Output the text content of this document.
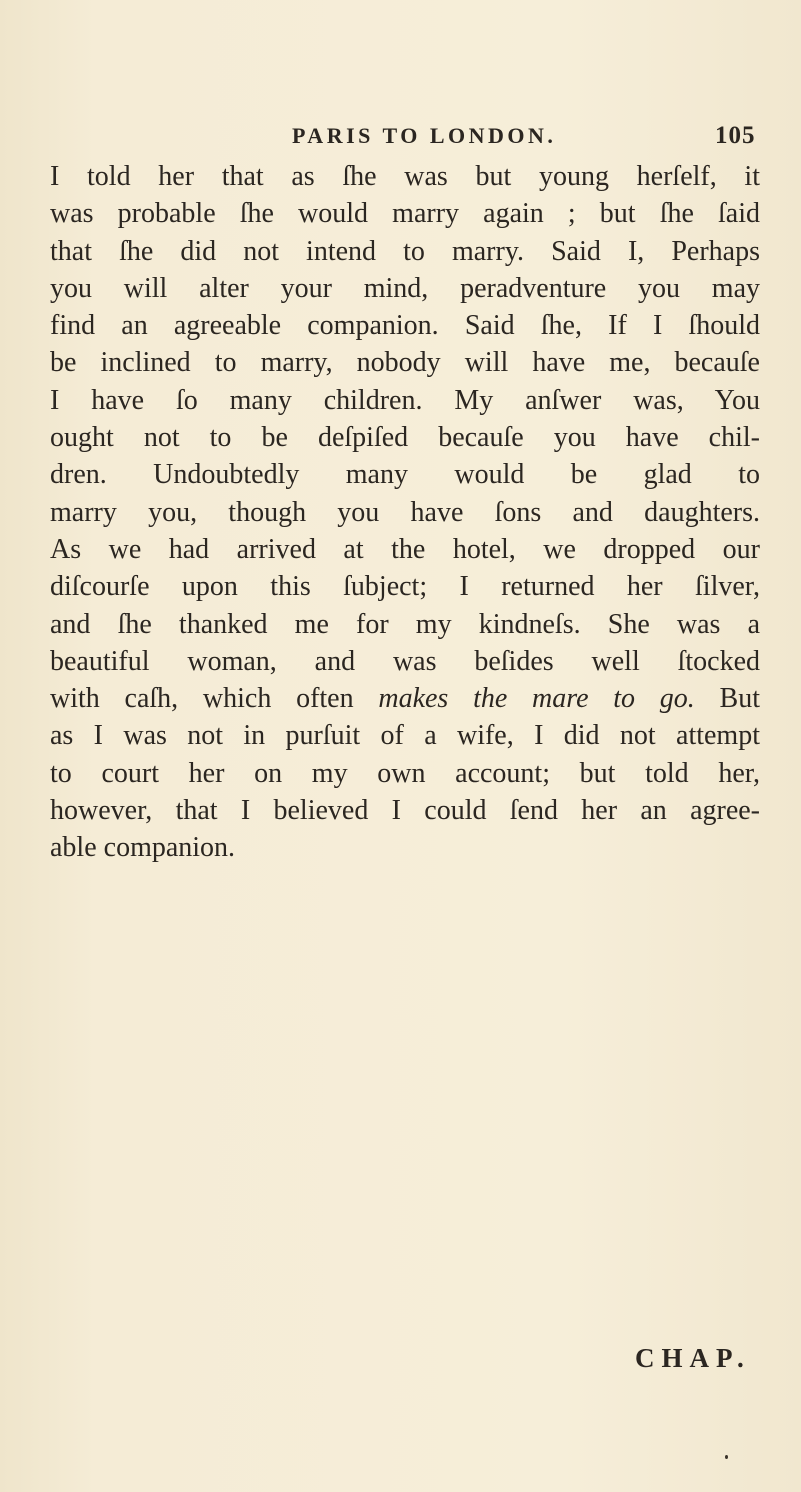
PARIS TO LONDON.	105
I told her that as ſhe was but young herſelf, it
was probable ſhe would marry again ; but ſhe ſaid
that ſhe did not intend to marry. Said I, Perhaps
you will alter your mind, peradventure you may
find an agreeable companion. Said ſhe, If I ſhould
be inclined to marry, nobody will have me, becauſe
I have ſo many children. My anſwer was, You
ought not to be deſpiſed becauſe you have chil-
dren. Undoubtedly many would be glad to
marry you, though you have ſons and daughters.
As we had arrived at the hotel, we dropped our
diſcourſe upon this ſubject; I returned her ſilver,
and ſhe thanked me for my kindneſs. She was a
beautiful woman, and was beſides well ſtocked
with caſh, which often makes the mare to go. But
as I was not in purſuit of a wife, I did not attempt
to court her on my own account; but told her,
however, that I believed I could ſend her an agree-
able companion.
CHAP.
